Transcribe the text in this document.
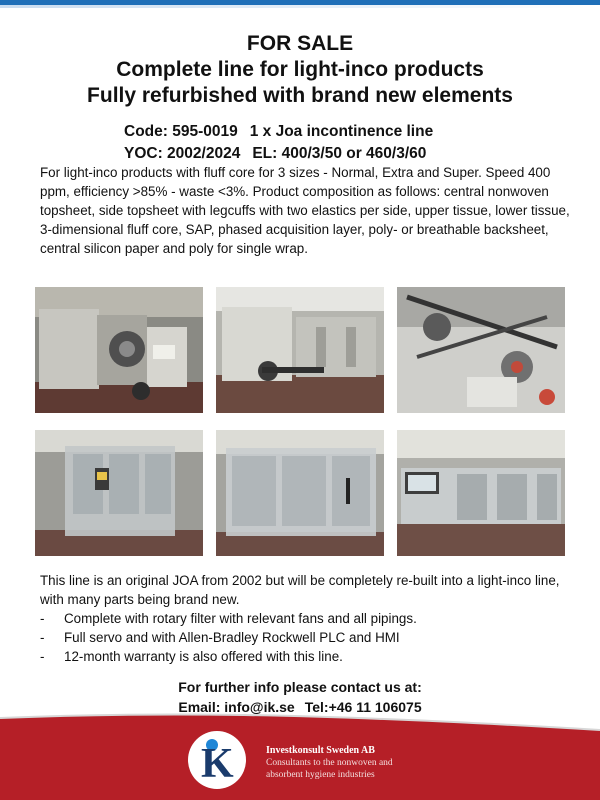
FOR SALE
Complete line for light-inco products
Fully refurbished with brand new elements
Code: 595-0019 1 x Joa incontinence line
YOC: 2002/2024 EL: 400/3/50 or 460/3/60
For light-inco products with fluff core for 3 sizes - Normal, Extra and Super. Speed 400 ppm, efficiency >85% - waste <3%. Product composition as follows: central nonwoven topsheet, side topsheet with legcuffs with two elastics per side, upper tissue, lower tissue, 3-dimensional fluff core, SAP, phased acquisition layer, poly- or breathable backsheet, central silicon paper and poly for single wrap.
This line is an original JOA from 2002 but will be completely re-built into a light-inco line, with many parts being brand new.
- Complete with rotary filter with relevant fans and all pipings.
- Full servo and with Allen-Bradley Rockwell PLC and HMI
- 12-month warranty is also offered with this line.
For further info please contact us at:
Email: info@ik.se Tel:+46 11 106075
K	Investkonsult Sweden AB
Consultants to the nonwoven and
absorbent hygiene industries
